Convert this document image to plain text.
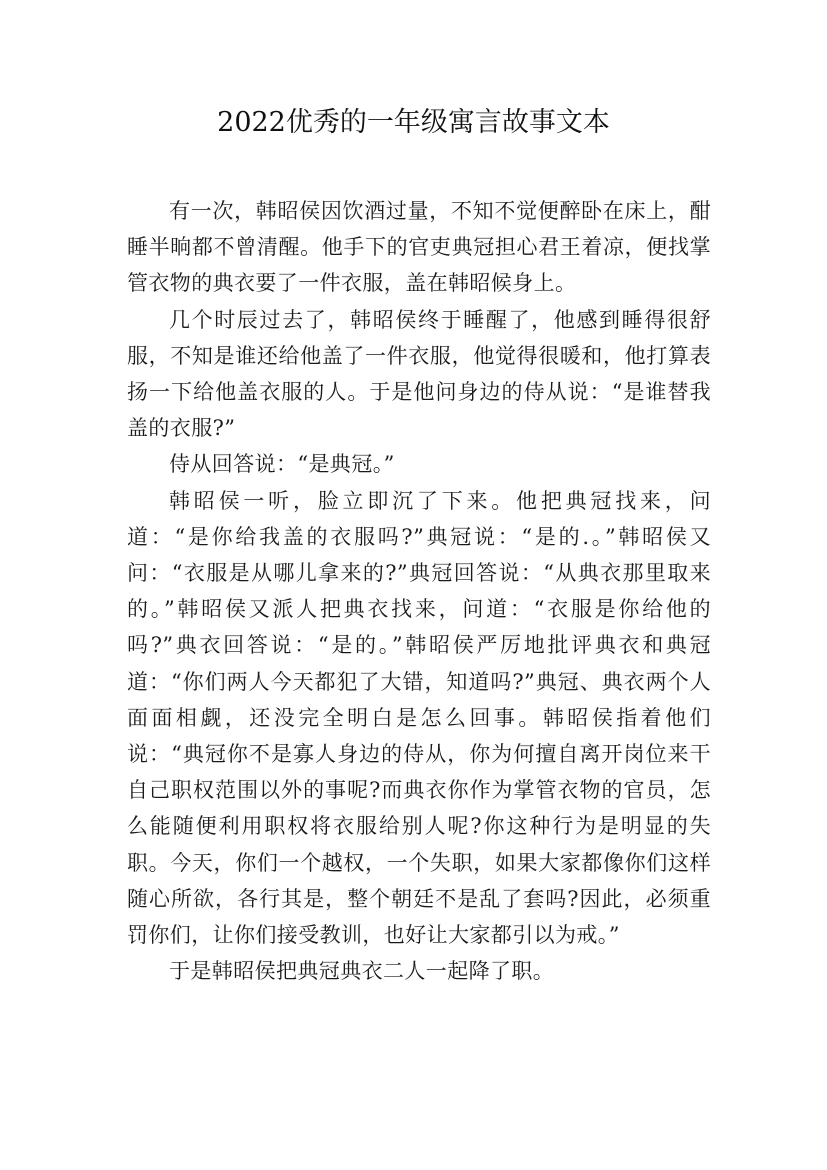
2022优秀的一年级寓言故事文本

有一次，韩昭侯因饮酒过量，不知不觉便醉卧在床上，酣睡半晌都不曾清醒。他手下的官吏典冠担心君王着凉，便找掌管衣物的典衣要了一件衣服，盖在韩昭候身上。

几个时辰过去了，韩昭侯终于睡醒了，他感到睡得很舒服，不知是谁还给他盖了一件衣服，他觉得很暖和，他打算表扬一下给他盖衣服的人。于是他问身边的侍从说：“是谁替我盖的衣服?”

侍从回答说：“是典冠。”

韩昭侯一听，脸立即沉了下来。他把典冠找来，问道：“是你给我盖的衣服吗?”典冠说：“是的.。”韩昭侯又问：“衣服是从哪儿拿来的?”典冠回答说：“从典衣那里取来的。”韩昭侯又派人把典衣找来，问道：“衣服是你给他的吗?”典衣回答说：“是的。”韩昭侯严厉地批评典衣和典冠道：“你们两人今天都犯了大错，知道吗?”典冠、典衣两个人面面相觑，还没完全明白是怎么回事。韩昭侯指着他们说：“典冠你不是寡人身边的侍从，你为何擅自离开岗位来干自己职权范围以外的事呢?而典衣你作为掌管衣物的官员，怎么能随便利用职权将衣服给别人呢?你这种行为是明显的失职。今天，你们一个越权，一个失职，如果大家都像你们这样随心所欲，各行其是，整个朝廷不是乱了套吗?因此，必须重罚你们，让你们接受教训，也好让大家都引以为戒。”

于是韩昭侯把典冠典衣二人一起降了职。
